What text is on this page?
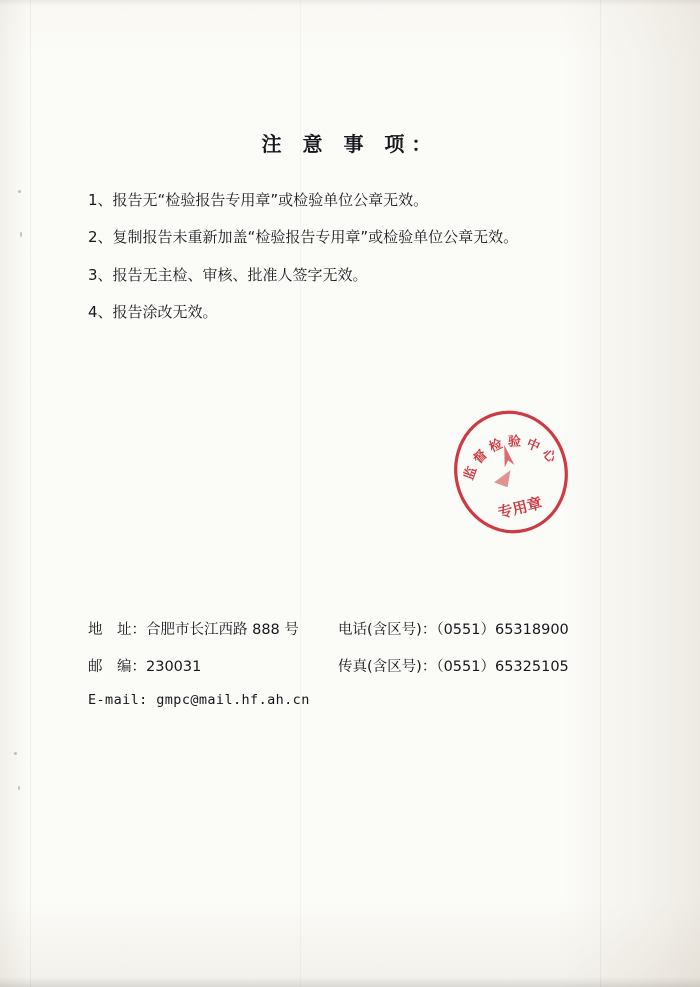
注 意 事 项：
1、报告无“检验报告专用章”或检验单位公章无效。
2、复制报告未重新加盖“检验报告专用章”或检验单位公章无效。
3、报告无主检、审核、批准人签字无效。
4、报告涂改无效。
监 督 检 验 中 心
专用章
地　址：合肥市长江西路 888 号	电话(含区号)：（0551）65318900
邮　编：230031	传真(含区号)：（0551）65325105
E-mail:
gmpc@mail.hf.ah.cn
